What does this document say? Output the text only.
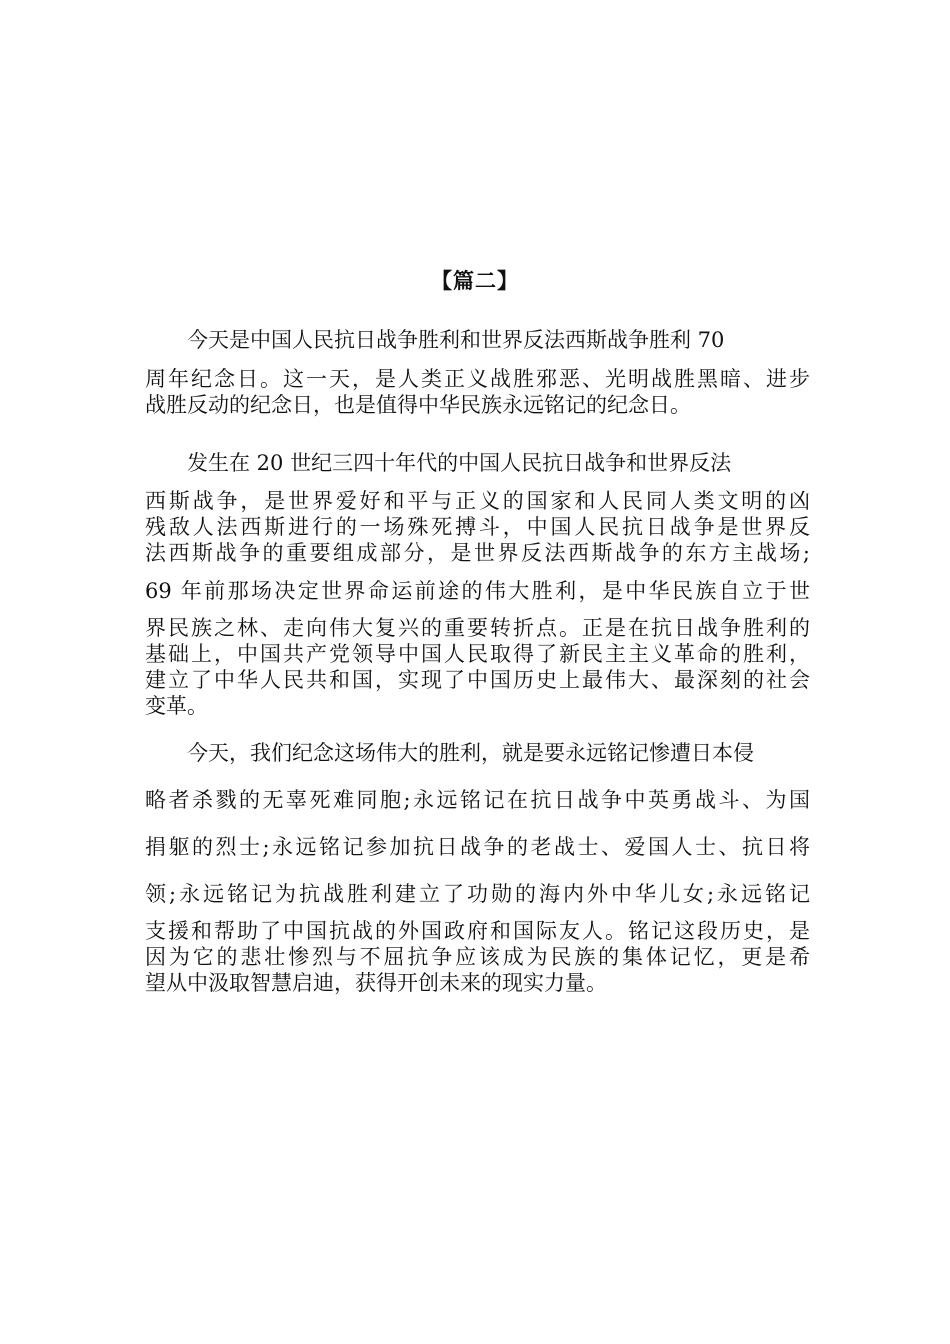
【篇二】
今天是中国人民抗日战争胜利和世界反法西斯战争胜利 70
周年纪念日。这一天，是人类正义战胜邪恶、光明战胜黑暗、进步
战胜反动的纪念日，也是值得中华民族永远铭记的纪念日。
发生在 20 世纪三四十年代的中国人民抗日战争和世界反法
西斯战争，是世界爱好和平与正义的国家和人民同人类文明的凶
残敌人法西斯进行的一场殊死搏斗，中国人民抗日战争是世界反
法西斯战争的重要组成部分，是世界反法西斯战争的东方主战场;
69 年前那场决定世界命运前途的伟大胜利，是中华民族自立于世
界民族之林、走向伟大复兴的重要转折点。正是在抗日战争胜利的
基础上，中国共产党领导中国人民取得了新民主主义革命的胜利，
建立了中华人民共和国，实现了中国历史上最伟大、最深刻的社会
变革。
今天，我们纪念这场伟大的胜利，就是要永远铭记惨遭日本侵
略者杀戮的无辜死难同胞;永远铭记在抗日战争中英勇战斗、为国
捐躯的烈士;永远铭记参加抗日战争的老战士、爱国人士、抗日将
领;永远铭记为抗战胜利建立了功勋的海内外中华儿女;永远铭记
支援和帮助了中国抗战的外国政府和国际友人。铭记这段历史，是
因为它的悲壮惨烈与不屈抗争应该成为民族的集体记忆，更是希
望从中汲取智慧启迪，获得开创未来的现实力量。
